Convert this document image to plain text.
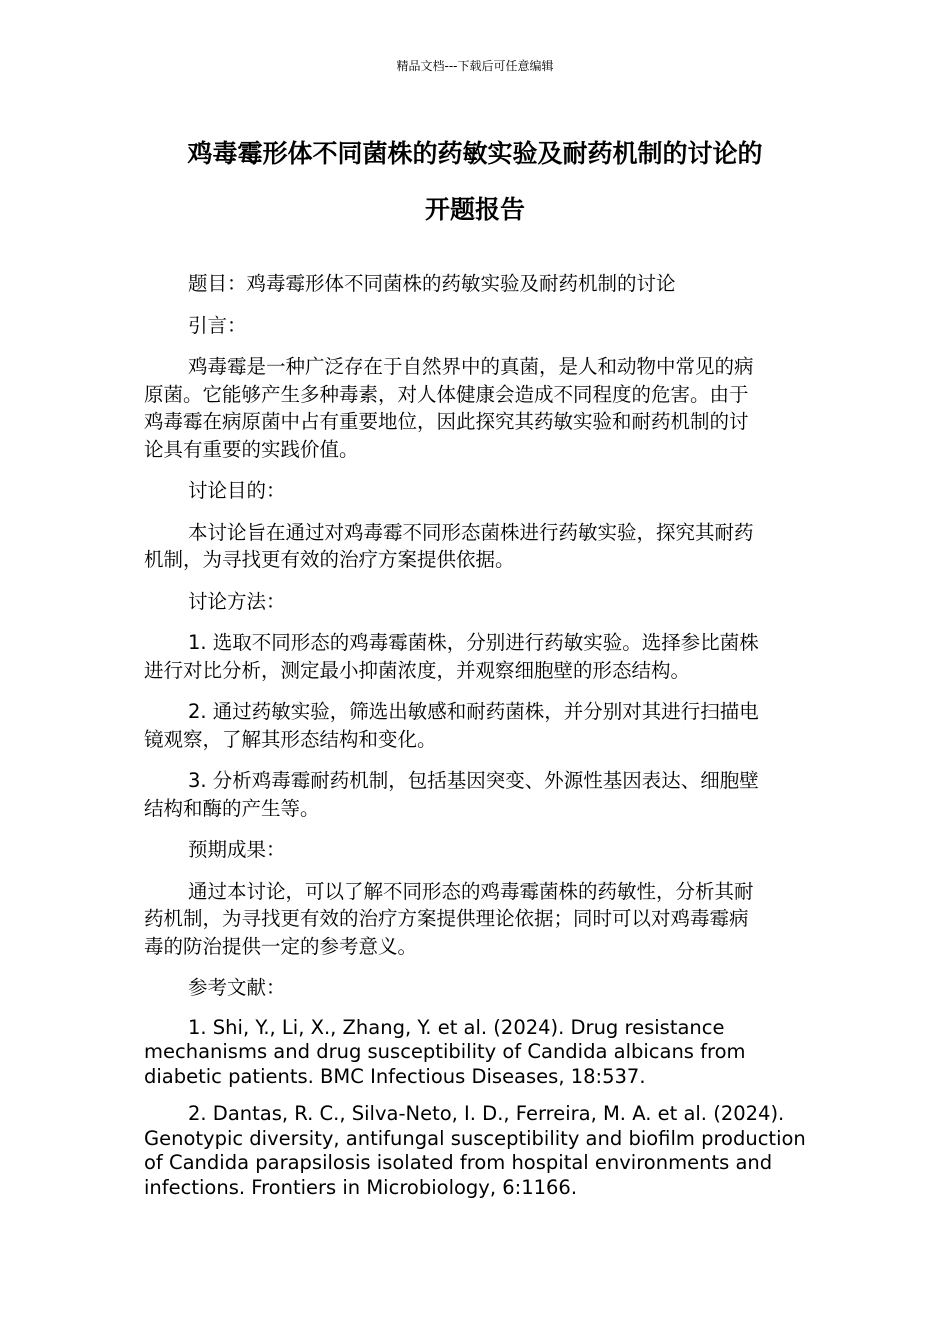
精品文档---下载后可任意编辑
鸡毒霉形体不同菌株的药敏实验及耐药机制的讨论的
开题报告

题目：鸡毒霉形体不同菌株的药敏实验及耐药机制的讨论

引言：

鸡毒霉是一种广泛存在于自然界中的真菌，是人和动物中常见的病
原菌。它能够产生多种毒素，对人体健康会造成不同程度的危害。由于
鸡毒霉在病原菌中占有重要地位，因此探究其药敏实验和耐药机制的讨
论具有重要的实践价值。

讨论目的：

本讨论旨在通过对鸡毒霉不同形态菌株进行药敏实验，探究其耐药
机制，为寻找更有效的治疗方案提供依据。

讨论方法：

1. 选取不同形态的鸡毒霉菌株，分别进行药敏实验。选择参比菌株
进行对比分析，测定最小抑菌浓度，并观察细胞壁的形态结构。

2. 通过药敏实验，筛选出敏感和耐药菌株，并分别对其进行扫描电
镜观察，了解其形态结构和变化。

3. 分析鸡毒霉耐药机制，包括基因突变、外源性基因表达、细胞壁
结构和酶的产生等。

预期成果：

通过本讨论，可以了解不同形态的鸡毒霉菌株的药敏性，分析其耐
药机制，为寻找更有效的治疗方案提供理论依据；同时可以对鸡毒霉病
毒的防治提供一定的参考意义。

参考文献：

1. Shi, Y., Li, X., Zhang, Y. et al. (2024). Drug resistance mechanisms and drug susceptibility of Candida albicans from diabetic patients. BMC Infectious Diseases, 18:537.

2. Dantas, R. C., Silva-Neto, I. D., Ferreira, M. A. et al. (2024). Genotypic diversity, antifungal susceptibility and biofilm production of Candida parapsilosis isolated from hospital environments and infections. Frontiers in Microbiology, 6:1166.
